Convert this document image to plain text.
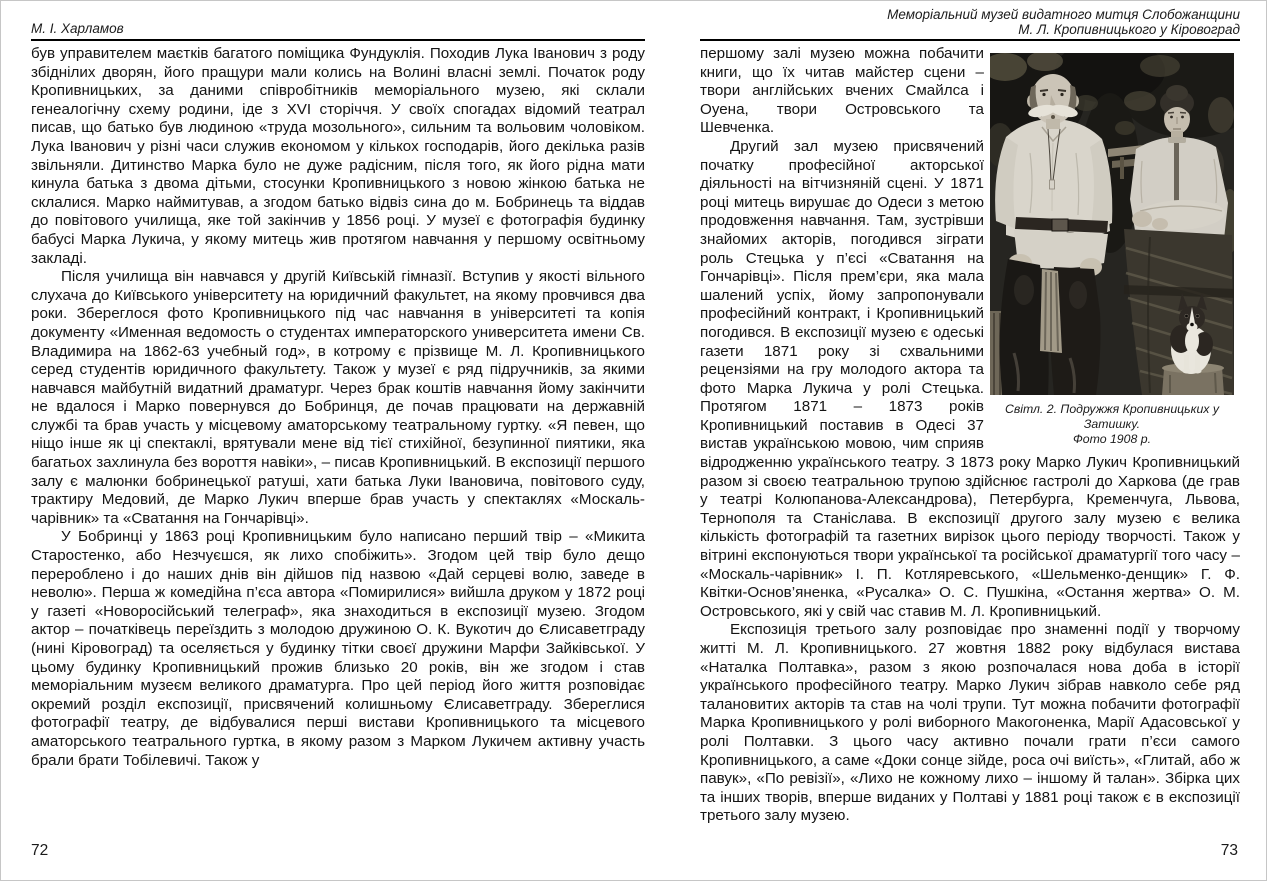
М. І. Харламов

був управителем маєтків багатого поміщика Фундуклія. Походив Лука Іванович з роду збіднілих дворян, його пращури мали колись на Волині власні землі. Початок роду Кропивницьких, за даними співробітників меморіального музею, які склали генеалогічну схему родини, іде з XVI сторіччя. У своїх спогадах відомий театрал писав, що батько був людиною «труда мозольного», сильним та вольовим чоловіком. Лука Іванович у різні часи служив економом у кількох господарів, його декілька разів звільняли. Дитинство Марка було не дуже радісним, після того, як його рідна мати кинула батька з двома дітьми, стосунки Кропивницького з новою жінкою батька не склалися. Марко наймитував, а згодом батько відвіз сина до м. Бобринець та віддав до повітового училища, яке той закінчив у 1856 році. У музеї є фотографія будинку бабусі Марка Лукича, у якому митець жив протягом навчання у першому освітньому закладі.

Після училища він навчався у другій Київській гімназії. Вступив у якості вільного слухача до Київського університету на юридичний факультет, на якому провчився два роки. Збереглося фото Кропивницького під час навчання в університеті та копія документу «Именная ведомость о студентах императорского университета имени Св. Владимира на 1862-63 учебный год», в котрому є прізвище М. Л. Кропивницького серед студентів юридичного факультету. Також у музеї є ряд підручників, за якими навчався майбутній видатний драматург. Через брак коштів навчання йому закінчити не вдалося і Марко повернувся до Бобринця, де почав працювати на державній службі та брав участь у місцевому аматорському театральному гуртку. «Я певен, що ніщо інше як ці спектаклі, врятували мене від тієї стихійної, безупинної пиятики, яка багатьох захлинула без вороття навіки», – писав Кропивницький. В експозиції першого залу є малюнки бобринецької ратуші, хати батька Луки Івановича, повітового суду, трактиру Медовий, де Марко Лукич вперше брав участь у спектаклях «Москаль-чарівник» та «Сватання на Гончарівці».

У Бобринці у 1863 році Кропивницьким було написано перший твір – «Микита Старостенко, або Незчуєшся, як лихо спобіжить». Згодом цей твір було дещо перероблено і до наших днів він дійшов під назвою «Дай серцеві волю, заведе в неволю». Перша ж комедійна п’єса автора «Помирилися» вийшла друком у 1872 році у газеті «Новоросійський телеграф», яка знаходиться в експозиції музею. Згодом актор – початківець переїздить з молодою дружиною О. К. Вукотич до Єлисаветграду (нині Кіровоград) та оселяється у будинку тітки своєї дружини Марфи Зайківської. У цьому будинку Кропивницький прожив близько 20 років, він же згодом і став меморіальним музеєм великого драматурга. Про цей період його життя розповідає окремий розділ експозиції, присвячений колишньому Єлисаветграду. Збереглися фотографії театру, де відбувалися перші вистави Кропивницького та місцевого аматорського театрального гуртка, в якому разом з Марком Лукичем активну участь брали брати Тобілевичі. Також у

72
Меморіальний музей видатного митця Слобожанщини
М. Л. Кропивницького у Кіровоград
Світл. 2. Подружжя Кропивницьких у Затишку.
Фото 1908 р.

першому залі музею можна побачити книги, що їх читав майстер сцени – твори англійських вчених Смайлса і Оуена, твори Островського та Шевченка.

Другий зал музею присвячений початку професійної акторської діяльності на вітчизняній сцені. У 1871 році митець вирушає до Одеси з метою продовження навчання. Там, зустрівши знайомих акторів, погодився зіграти роль Стецька у п’єсі «Сватання на Гончарівці». Після прем’єри, яка мала шалений успіх, йому запропонували професійний контракт, і Кропивницький погодився. В експозиції музею є одеські газети 1871 року зі схвальними рецензіями на гру молодого актора та фото Марка Лукича у ролі Стецька. Протягом 1871 – 1873 років Кропивницький поставив в Одесі 37 вистав українською мовою, чим сприяв відродженню українського театру. З 1873 року Марко Лукич Кропивницький разом зі своєю театральною трупою здійснює гастролі до Харкова (де грав у театрі Колюпанова-Александрова), Петербурга, Кременчуга, Львова, Тернополя та Станіслава. В експозиції другого залу музею є велика кількість фотографій та газетних вирізок цього періоду творчості. Також у вітрині експонуються твори української та російської драматургії того часу – «Москаль-чарівник» І. П. Котляревського, «Шельменко-денщик» Г. Ф. Квітки-Основ’яненка, «Русалка» О. С. Пушкіна, «Остання жертва» О. М. Островського, які у свій час ставив М. Л. Кропивницький.

Експозиція третього залу розповідає про знаменні події у творчому житті М. Л. Кропивницького. 27 жовтня 1882 року відбулася вистава «Наталка Полтавка», разом з якою розпочалася нова доба в історії українського професійного театру. Марко Лукич зібрав навколо себе ряд талановитих акторів та став на чолі трупи. Тут можна побачити фотографії Марка Кропивницького у ролі виборного Макогоненка, Марії Адасовської у ролі Полтавки. З цього часу активно почали грати п’єси самого Кропивницького, а саме «Доки сонце зійде, роса очі виїсть», «Глитай, або ж павук», «По ревізії», «Лихо не кожному лихо – іншому й талан». Збірка цих та інших творів, вперше виданих у Полтаві у 1881 році також є в експозиції третього залу музею.

73
